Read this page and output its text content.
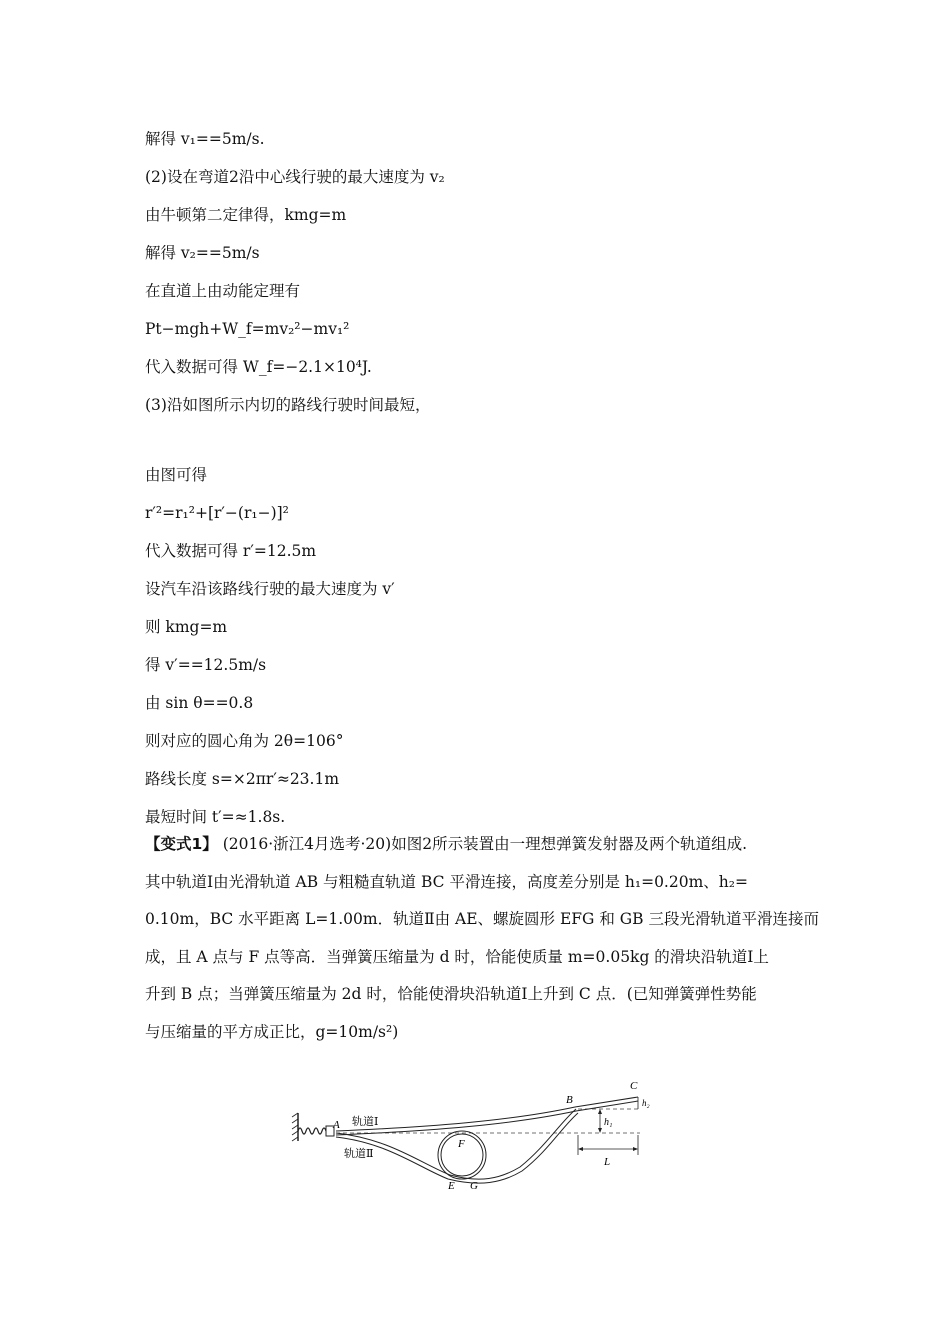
解得 v₁==5m/s.
(2)设在弯道2沿中心线行驶的最大速度为 v₂
由牛顿第二定律得，kmg=m
解得 v₂==5m/s
在直道上由动能定理有
Pt−mgh+W_f=mv₂²−mv₁²
代入数据可得 W_f=−2.1×10⁴J.
(3)沿如图所示内切的路线行驶时间最短，
由图可得
r′²=r₁²+[r′−(r₁−)]²
代入数据可得 r′=12.5m
设汽车沿该路线行驶的最大速度为 v′
则 kmg=m
得 v′==12.5m/s
由 sin θ==0.8
则对应的圆心角为 2θ=106°
路线长度 s=×2πr′≈23.1m
最短时间 t′=≈1.8s.
【变式1】 (2016·浙江4月选考·20)如图2所示装置由一理想弹簧发射器及两个轨道组成.
其中轨道Ⅰ由光滑轨道 AB 与粗糙直轨道 BC 平滑连接，高度差分别是 h₁=0.20m、h₂=
0.10m，BC 水平距离 L=1.00m．轨道Ⅱ由 AE、螺旋圆形 EFG 和 GB 三段光滑轨道平滑连接而
成，且 A 点与 F 点等高．当弹簧压缩量为 d 时，恰能使质量 m=0.05kg 的滑块沿轨道Ⅰ上
升到 B 点；当弹簧压缩量为 2d 时，恰能使滑块沿轨道Ⅰ上升到 C 点．(已知弹簧弹性势能
与压缩量的平方成正比，g=10m/s²)
A
B
C
E
F
G
h₁
h₂
L
轨道Ⅰ
轨道Ⅱ
